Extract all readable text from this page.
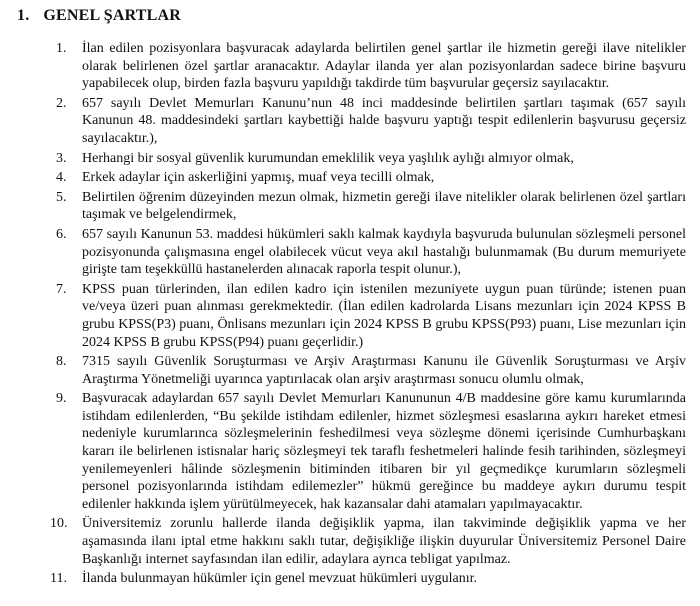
1. GENEL ŞARTLAR
1.	İlan edilen pozisyonlara başvuracak adaylarda belirtilen genel şartlar ile hizmetin gereği ilave nitelikler olarak belirlenen özel şartlar aranacaktır. Adaylar ilanda yer alan pozisyonlardan sadece birine başvuru yapabilecek olup, birden fazla başvuru yapıldığı takdirde tüm başvurular geçersiz sayılacaktır.
2.	657 sayılı Devlet Memurları Kanunu’nun 48 inci maddesinde belirtilen şartları taşımak (657 sayılı Kanunun 48. maddesindeki şartları kaybettiği halde başvuru yaptığı tespit edilenlerin başvurusu geçersiz sayılacaktır.),
3.	Herhangi bir sosyal güvenlik kurumundan emeklilik veya yaşlılık aylığı almıyor olmak,
4.	Erkek adaylar için askerliğini yapmış, muaf veya tecilli olmak,
5.	Belirtilen öğrenim düzeyinden mezun olmak, hizmetin gereği ilave nitelikler olarak belirlenen özel şartları taşımak ve belgelendirmek,
6.	657 sayılı Kanunun 53. maddesi hükümleri saklı kalmak kaydıyla başvuruda bulunulan sözleşmeli personel pozisyonunda çalışmasına engel olabilecek vücut veya akıl hastalığı bulunmamak (Bu durum memuriyete girişte tam teşekküllü hastanelerden alınacak raporla tespit olunur.),
7.	KPSS puan türlerinden, ilan edilen kadro için istenilen mezuniyete uygun puan türünde; istenen puan ve/veya üzeri puan alınması gerekmektedir. (İlan edilen kadrolarda Lisans mezunları için 2024 KPSS B grubu KPSS(P3) puanı, Önlisans mezunları için 2024 KPSS B grubu KPSS(P93) puanı, Lise mezunları için 2024 KPSS B grubu KPSS(P94) puanı geçerlidir.)
8.	7315 sayılı Güvenlik Soruşturması ve Arşiv Araştırması Kanunu ile Güvenlik Soruşturması ve Arşiv Araştırma Yönetmeliği uyarınca yaptırılacak olan arşiv araştırması sonucu olumlu olmak,
9.	Başvuracak adaylardan 657 sayılı Devlet Memurları Kanununun 4/B maddesine göre kamu kurumlarında istihdam edilenlerden, “Bu şekilde istihdam edilenler, hizmet sözleşmesi esaslarına aykırı hareket etmesi nedeniyle kurumlarınca sözleşmelerinin feshedilmesi veya sözleşme dönemi içerisinde Cumhurbaşkanı kararı ile belirlenen istisnalar hariç sözleşmeyi tek taraflı feshetmeleri halinde fesih tarihinden, sözleşmeyi yenilemeyenleri hâlinde sözleşmenin bitiminden itibaren bir yıl geçmedikçe kurumların sözleşmeli personel pozisyonlarında istihdam edilemezler” hükmü gereğince bu maddeye aykırı durumu tespit edilenler hakkında işlem yürütülmeyecek, hak kazansalar dahi atamaları yapılmayacaktır.
10.	Üniversitemiz zorunlu hallerde ilanda değişiklik yapma, ilan takviminde değişiklik yapma ve her aşamasında ilanı iptal etme hakkını saklı tutar, değişikliğe ilişkin duyurular Üniversitemiz Personel Daire Başkanlığı internet sayfasından ilan edilir, adaylara ayrıca tebligat yapılmaz.
11.	İlanda bulunmayan hükümler için genel mevzuat hükümleri uygulanır.
